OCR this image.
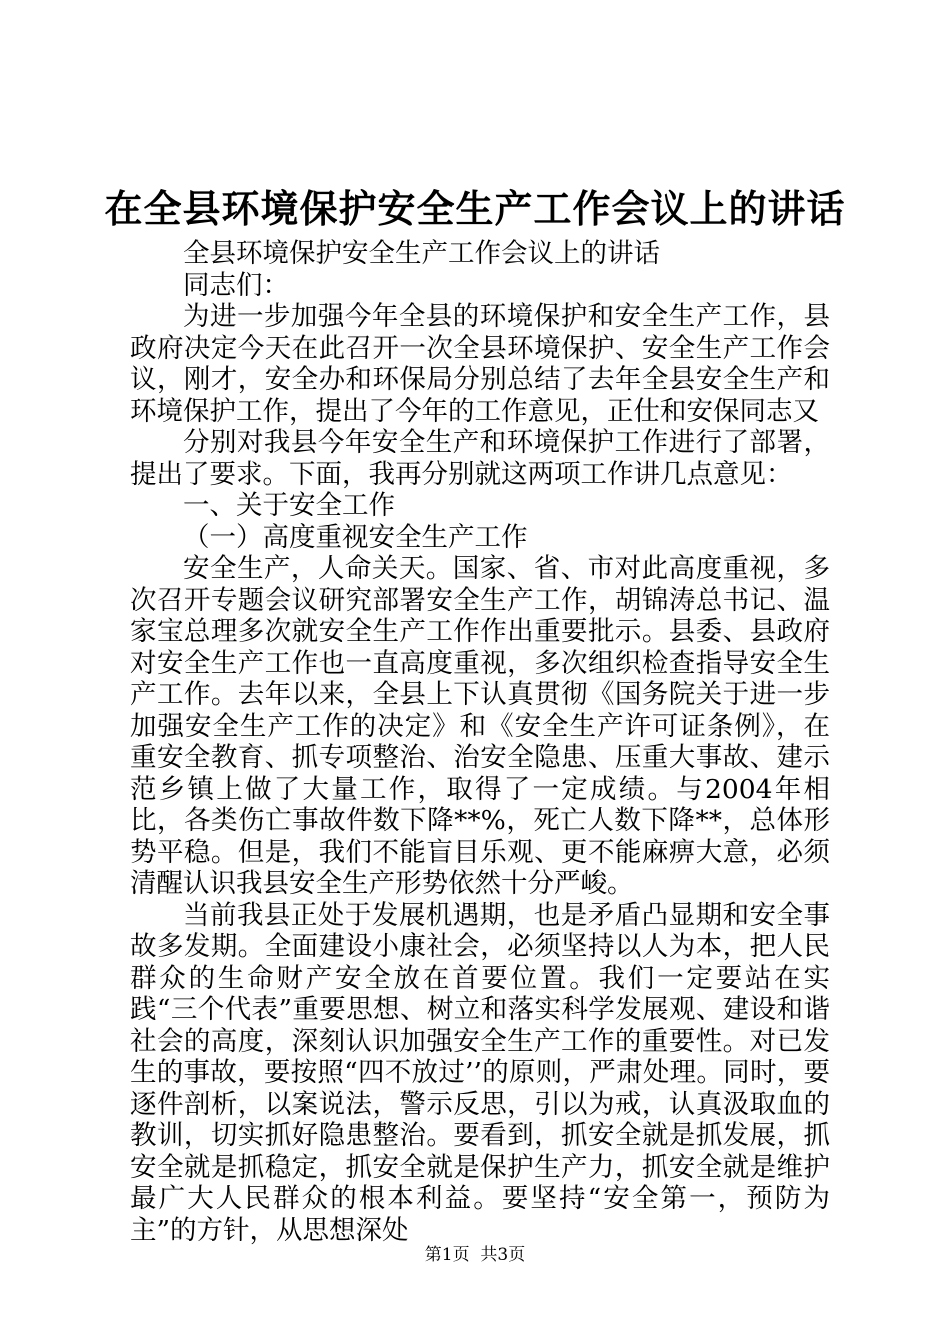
在全县环境保护安全生产工作会议上的讲话

全县环境保护安全生产工作会议上的讲话

同志们：

为进一步加强今年全县的环境保护和安全生产工作，县政府决定今天在此召开一次全县环境保护、安全生产工作会议，刚才，安全办和环保局分别总结了去年全县安全生产和环境保护工作，提出了今年的工作意见，正仕和安保同志又

分别对我县今年安全生产和环境保护工作进行了部署，提出了要求。下面，我再分别就这两项工作讲几点意见：

一、关于安全工作

（一）高度重视安全生产工作

安全生产，人命关天。国家、省、市对此高度重视，多次召开专题会议研究部署安全生产工作，胡锦涛总书记、温家宝总理多次就安全生产工作作出重要批示。县委、县政府对安全生产工作也一直高度重视，多次组织检查指导安全生产工作。去年以来，全县上下认真贯彻《国务院关于进一步加强安全生产工作的决定》和《安全生产许可证条例》，在重安全教育、抓专项整治、治安全隐患、压重大事故、建示范乡镇上做了大量工作，取得了一定成绩。与2004年相比，各类伤亡事故件数下降**%，死亡人数下降**，总体形势平稳。但是，我们不能盲目乐观、更不能麻痹大意，必须清醒认识我县安全生产形势依然十分严峻。

当前我县正处于发展机遇期，也是矛盾凸显期和安全事故多发期。全面建设小康社会，必须坚持以人为本，把人民群众的生命财产安全放在首要位置。我们一定要站在实践“三个代表”重要思想、树立和落实科学发展观、建设和谐社会的高度，深刻认识加强安全生产工作的重要性。对已发生的事故，要按照“四不放过’’的原则，严肃处理。同时，要逐件剖析，以案说法，警示反思，引以为戒，认真汲取血的教训，切实抓好隐患整治。要看到，抓安全就是抓发展，抓安全就是抓稳定，抓安全就是保护生产力，抓安全就是维护最广大人民群众的根本利益。要坚持“安全第一，预防为主”的方针，从思想深处

第1页  共3页
